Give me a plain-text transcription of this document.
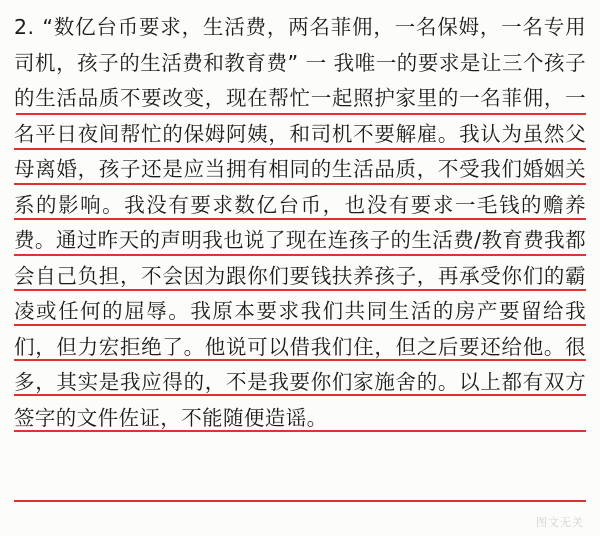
2. “数亿台币要求，生活费，两名菲佣，一名保姆，一名专用司机，孩子的生活费和教育费” 一 我唯一的要求是让三个孩子的生活品质不要改变，现在帮忙一起照护家里的一名菲佣，一名平日夜间帮忙的保姆阿姨，和司机不要解雇。我认为虽然父母离婚，孩子还是应当拥有相同的生活品质，不受我们婚姻关系的影响。我没有要求数亿台币，也没有要求一毛钱的赡养费。通过昨天的声明我也说了现在连孩子的生活费/教育费我都会自己负担，不会因为跟你们要钱扶养孩子，再承受你们的霸凌或任何的屈辱。我原本要求我们共同生活的房产要留给我们，但力宏拒绝了。他说可以借我们住，但之后要还给他。很多，其实是我应得的，不是我要你们家施舍的。以上都有双方签字的文件佐证，不能随便造谣。

图文无关
